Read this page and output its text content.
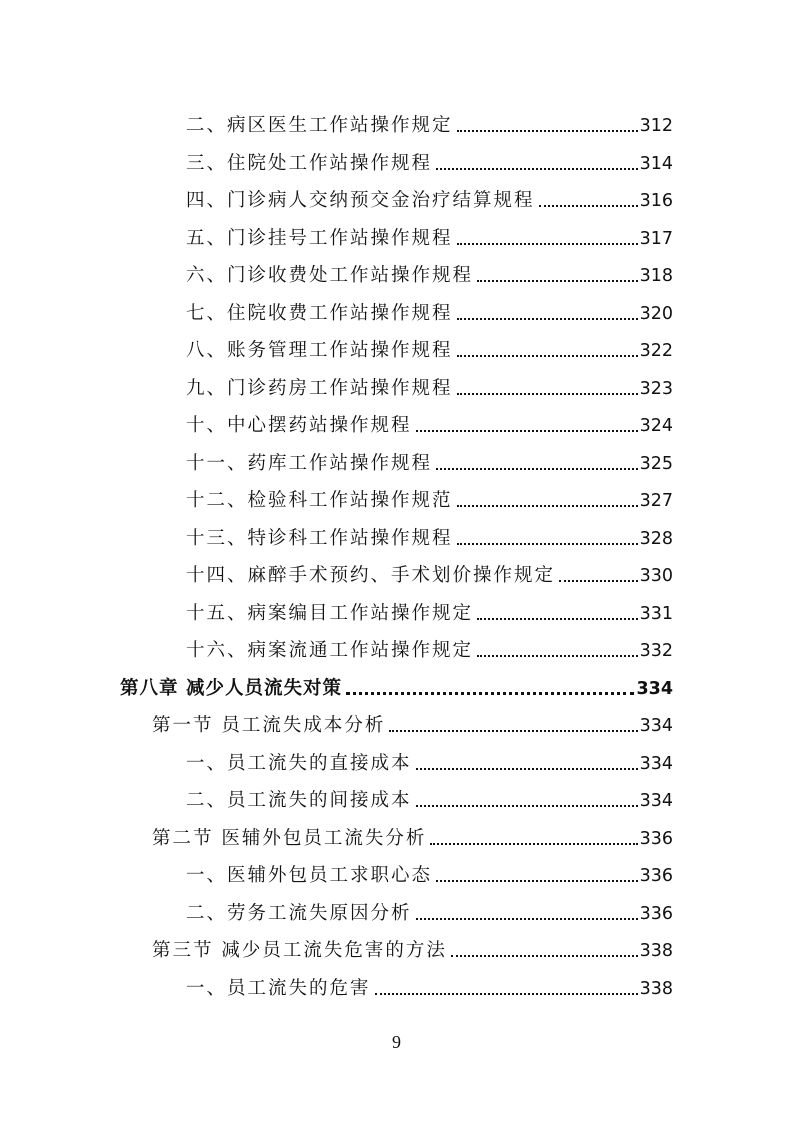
二、病区医生工作站操作规定	312
三、住院处工作站操作规程	314
四、门诊病人交纳预交金治疗结算规程	316
五、门诊挂号工作站操作规程	317
六、门诊收费处工作站操作规程	318
七、住院收费工作站操作规程	320
八、账务管理工作站操作规程	322
九、门诊药房工作站操作规程	323
十、中心摆药站操作规程	324
十一、药库工作站操作规程	325
十二、检验科工作站操作规范	327
十三、特诊科工作站操作规程	328
十四、麻醉手术预约、手术划价操作规定	330
十五、病案编目工作站操作规定	331
十六、病案流通工作站操作规定	332
第八章 减少人员流失对策	334
第一节 员工流失成本分析	334
一、员工流失的直接成本	334
二、员工流失的间接成本	334
第二节 医辅外包员工流失分析	336
一、医辅外包员工求职心态	336
二、劳务工流失原因分析	336
第三节 减少员工流失危害的方法	338
一、员工流失的危害	338
9
